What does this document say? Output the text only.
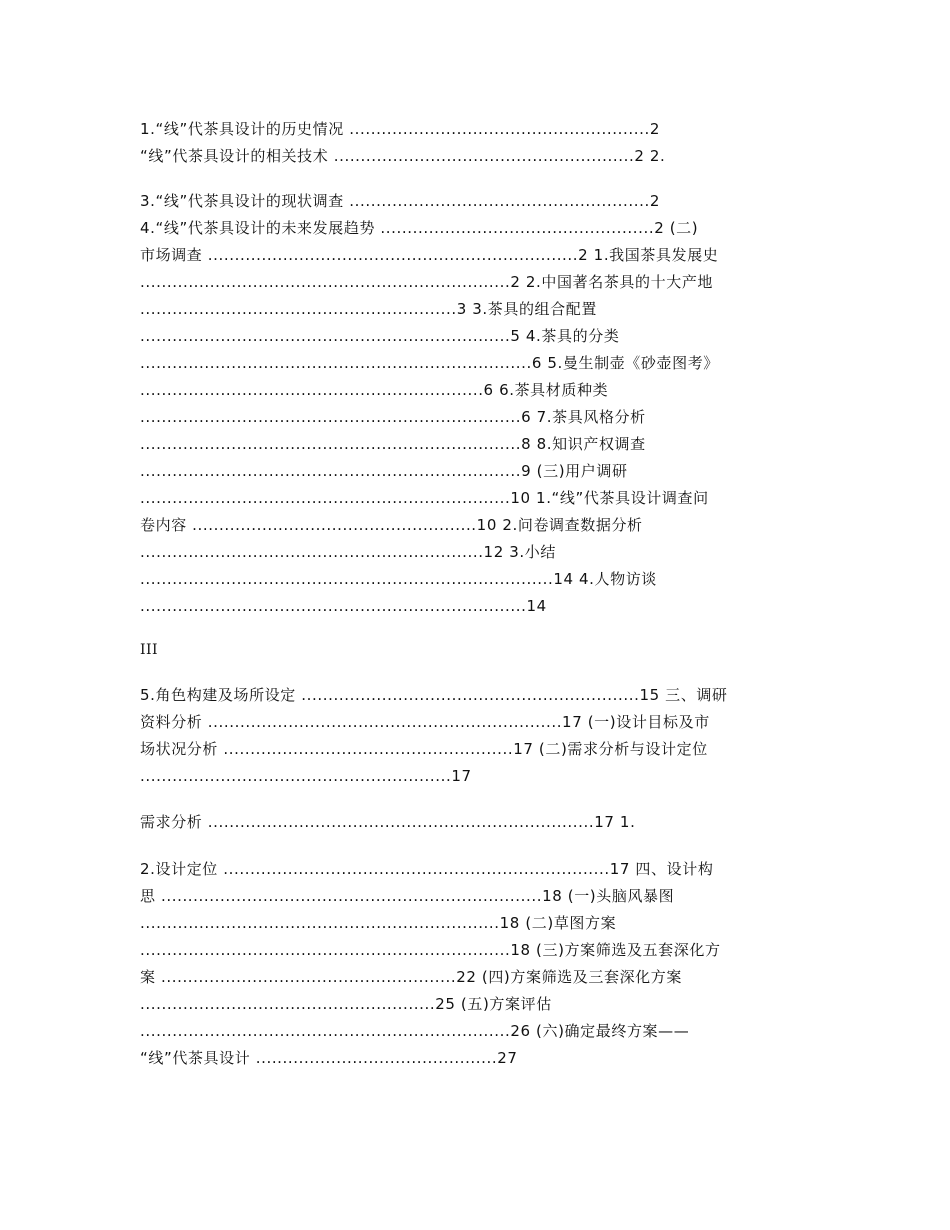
1.“线”代茶具设计的历史情况 ........................................................2
“线”代茶具设计的相关技术 ........................................................2 2.
3.“线”代茶具设计的现状调查 ........................................................2
4.“线”代茶具设计的未来发展趋势 ...................................................2 (二)
市场调查 .....................................................................2 1.我国茶具发展史
.....................................................................2 2.中国著名茶具的十大产地
...........................................................3 3.茶具的组合配置
.....................................................................5 4.茶具的分类
.........................................................................6 5.曼生制壶《砂壶图考》
................................................................6 6.茶具材质种类
.......................................................................6 7.茶具风格分析
.......................................................................8 8.知识产权调查
.......................................................................9 (三)用户调研
.....................................................................10 1.“线”代茶具设计调查问
卷内容 .....................................................10 2.问卷调查数据分析
................................................................12 3.小结
.............................................................................14 4.人物访谈
........................................................................14
III
5.角色构建及场所设定 ...............................................................15 三、调研
资料分析 ..................................................................17 (一)设计目标及市
场状况分析 ......................................................17 (二)需求分析与设计定位
..........................................................17
需求分析 ........................................................................17 1.
2.设计定位 ........................................................................17 四、设计构
思 .......................................................................18 (一)头脑风暴图
...................................................................18 (二)草图方案
.....................................................................18 (三)方案筛选及五套深化方
案 .......................................................22 (四)方案筛选及三套深化方案
.......................................................25 (五)方案评估
.....................................................................26 (六)确定最终方案——
“线”代茶具设计 .............................................27
